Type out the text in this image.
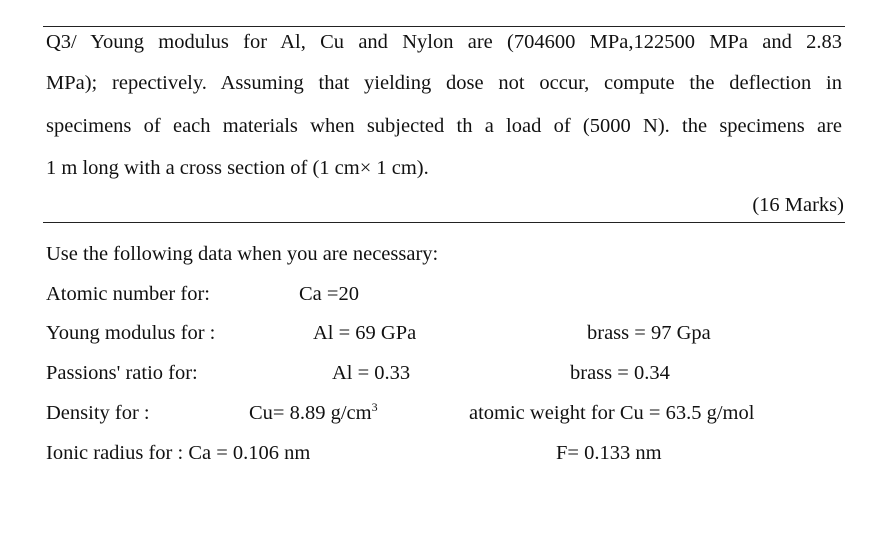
Q3/ Young modulus for Al, Cu and Nylon are (704600 MPa,122500 MPa and 2.83
MPa); repectively. Assuming that yielding dose not occur, compute the deflection in
specimens of each materials when subjected th a load of (5000 N). the specimens are
1 m long with a cross section of (1 cm× 1 cm).
(16 Marks)
Use the following data when you are necessary:
Atomic number for:	Ca =20
Young modulus for :	Al = 69 GPa	brass = 97 Gpa
Passions' ratio for:	Al = 0.33	brass = 0.34
Density for :	Cu= 8.89 $g/cm^3$	atomic weight for Cu = 63.5 g/mol
Ionic radius for : Ca = 0.106 nm	F= 0.133 nm
